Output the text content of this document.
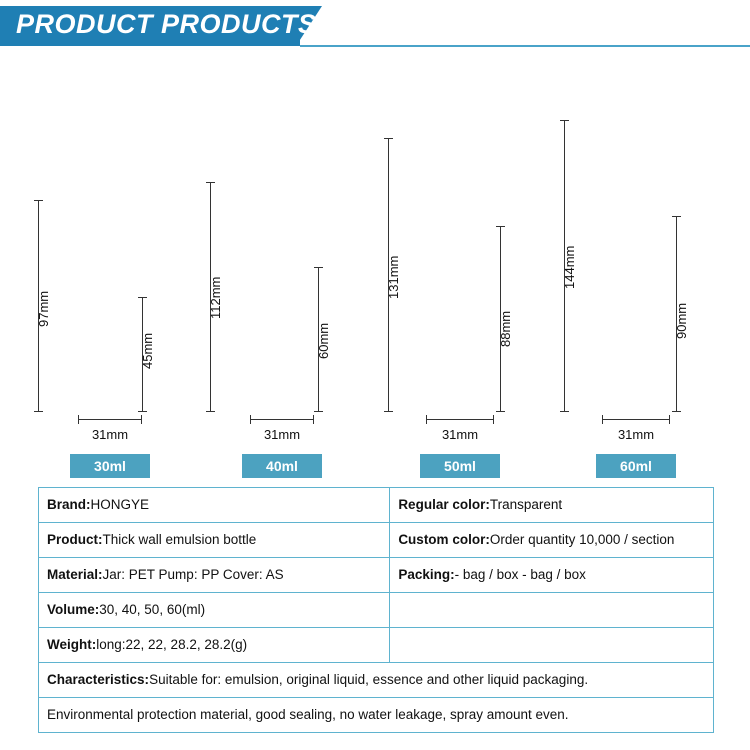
PRODUCT PRODUCTS
97mm
45mm
31mm
30ml
112mm
60mm
31mm
40ml
131mm
88mm
31mm
50ml
144mm
90mm
31mm
60ml
Brand:HONGYE	Regular color:Transparent
Product:Thick wall emulsion bottle	Custom color:Order quantity 10,000 / section
Material:Jar: PET Pump: PP Cover: AS	Packing:- bag / box - bag / box
Volume:30, 40, 50, 60(ml)	
Weight:long:22, 22, 28.2, 28.2(g)	
Characteristics:Suitable for: emulsion, original liquid, essence and other liquid packaging.	
Environmental protection material, good sealing, no water leakage, spray amount even.	
